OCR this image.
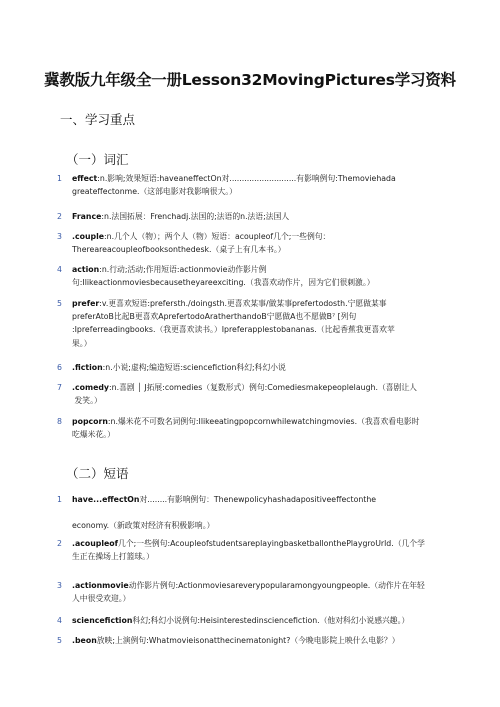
冀教版九年级全一册Lesson32MovingPictures学习资料
一、学习重点
（一）词汇
1	effect:n.影响;效果短语:haveaneffectOn对...........................有影响例句:Themoviehada
greateffectonme.（这部电影对我影响很大。）
2	France:n.法国拓展：Frenchadj.法国的;法语的n.法语;法国人
3	.couple:n.几个人（物）；两个人（物）短语：acoupleof几个;一些例句：
Thereareacoupleofbooksonthedesk.（桌子上有几本书。）
4	action:n.行动;活动;作用短语:actionmovie动作影片例
句:Ilikeactionmoviesbecausetheyareexciting.（我喜欢动作片，因为它们很刺激。）
5	prefer:v.更喜欢短语:prefersth./doingsth.更喜欢某事/做某事prefertodosth.宁愿做某事
preferAtoB比起B更喜欢AprefertodoAratherthandoB宁愿做A也不愿做B⁷ [列句
:Ipreferreadingbooks.（我更喜欢读书。）Ipreferapplestobananas.（比起香蕉我更喜欢苹
果。）
6	.fiction:n.小说;虚构;编造短语:sciencefiction科幻;科幻小说
7	.comedy:n.喜剧 │ J拓展:comedies（复数形式）例句:Comediesmakepeoplelaugh.（喜剧让人
发笑。）
8	popcorn:n.爆米花不可数名词例句:Ilikeeatingpopcornwhilewatchingmovies.（我喜欢看电影时
吃爆米花。）
（二）短语
1	have...effectOn对........有影响例句：Thenewpolicyhashadapositiveeffectonthe

economy.（新政策对经济有积极影响。）
2	.acoupleof几个;一些例句:AcoupleofstudentsareplayingbasketballonthePlaygroUrld.（几个学
生正在操场上打篮球。）
3	.actionmovie动作影片例句:Actionmoviesareverypopularamongyoungpeople.（动作片在年轻
人中很受欢迎。）
4	sciencefiction科幻;科幻小说例句:Heisinterestedinsciencefiction.（他对科幻小说感兴趣。）
5	.beon放映;上演例句:Whatmovieisonatthecinematonight?（今晚电影院上映什么电影？）
